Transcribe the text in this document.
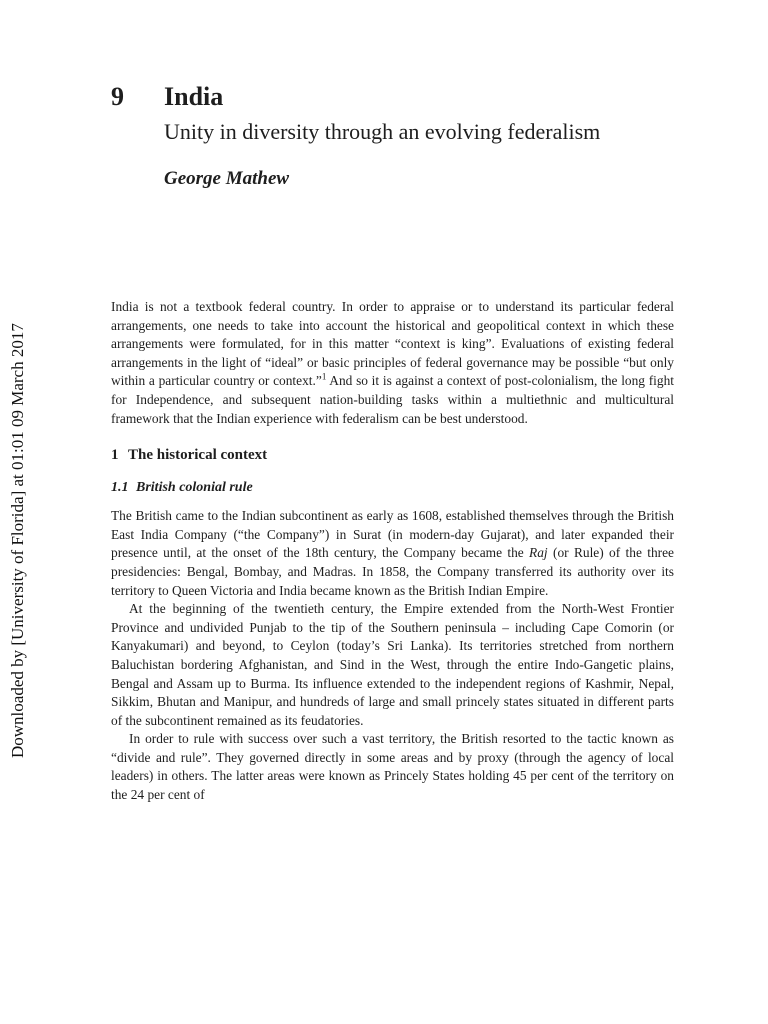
Downloaded by [University of Florida] at 01:01 09 March 2017
9	India
Unity in diversity through an evolving federalism
George Mathew

India is not a textbook federal country. In order to appraise or to understand its particular federal arrangements, one needs to take into account the historical and geopolitical context in which these arrangements were formulated, for in this matter “context is king”. Evaluations of existing federal arrangements in the light of “ideal” or basic principles of federal governance may be possible “but only within a particular country or context.”$^1$ And so it is against a context of post-colonialism, the long fight for Independence, and subsequent nation-building tasks within a multiethnic and multicultural framework that the Indian experience with federalism can be best understood.

1 The historical context
1.1 British colonial rule

The British came to the Indian subcontinent as early as 1608, established themselves through the British East India Company (“the Company”) in Surat (in modern-day Gujarat), and later expanded their presence until, at the onset of the 18th century, the Company became the Raj (or Rule) of the three presidencies: Bengal, Bombay, and Madras. In 1858, the Company transferred its authority over its territory to Queen Victoria and India became known as the British Indian Empire.

At the beginning of the twentieth century, the Empire extended from the North-West Frontier Province and undivided Punjab to the tip of the Southern peninsula – including Cape Comorin (or Kanyakumari) and beyond, to Ceylon (today’s Sri Lanka). Its territories stretched from northern Baluchistan bordering Afghanistan, and Sind in the West, through the entire Indo-Gangetic plains, Bengal and Assam up to Burma. Its influence extended to the independent regions of Kashmir, Nepal, Sikkim, Bhutan and Manipur, and hundreds of large and small princely states situated in different parts of the subcontinent remained as its feudatories.

In order to rule with success over such a vast territory, the British resorted to the tactic known as “divide and rule”. They governed directly in some areas and by proxy (through the agency of local leaders) in others. The latter areas were known as Princely States holding 45 per cent of the territory on the 24 per cent of
